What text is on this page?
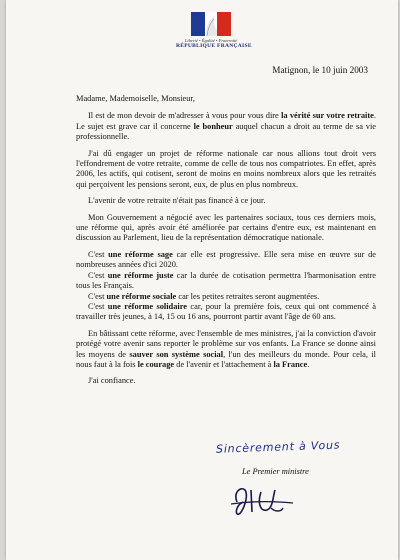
Liberté • Égalité • Fraternité
RÉPUBLIQUE FRANÇAISE
Matignon, le 10 juin 2003

Madame, Mademoiselle, Monsieur,

Il est de mon devoir de m'adresser à vous pour vous dire la vérité sur votre retraite. Le sujet est grave car il concerne le bonheur auquel chacun a droit au terme de sa vie professionnelle.

J'ai dû engager un projet de réforme nationale car nous allions tout droit vers l'effondrement de votre retraite, comme de celle de tous nos compatriotes. En effet, après 2006, les actifs, qui cotisent, seront de moins en moins nombreux alors que les retraités qui perçoivent les pensions seront, eux, de plus en plus nombreux.

L'avenir de votre retraite n'était pas financé à ce jour.

Mon Gouvernement a négocié avec les partenaires sociaux, tous ces derniers mois, une réforme qui, après avoir été améliorée par certains d'entre eux, est maintenant en discussion au Parlement, lieu de la représentation démocratique nationale.

C'est une réforme sage car elle est progressive. Elle sera mise en œuvre sur de nombreuses années d'ici 2020.

C'est une réforme juste car la durée de cotisation permettra l'harmonisation entre tous les Français.

C'est une réforme sociale car les petites retraites seront augmentées.

C'est une réforme solidaire car, pour la première fois, ceux qui ont commencé à travailler très jeunes, à 14, 15 ou 16 ans, pourront partir avant l'âge de 60 ans.

En bâtissant cette réforme, avec l'ensemble de mes ministres, j'ai la conviction d'avoir protégé votre avenir sans reporter le problème sur vos enfants. La France se donne ainsi les moyens de sauver son système social, l'un des meilleurs du monde. Pour cela, il nous faut à la fois le courage de l'avenir et l'attachement à la France.

J'ai confiance.

Sincèrement à Vous
Le Premier ministre
